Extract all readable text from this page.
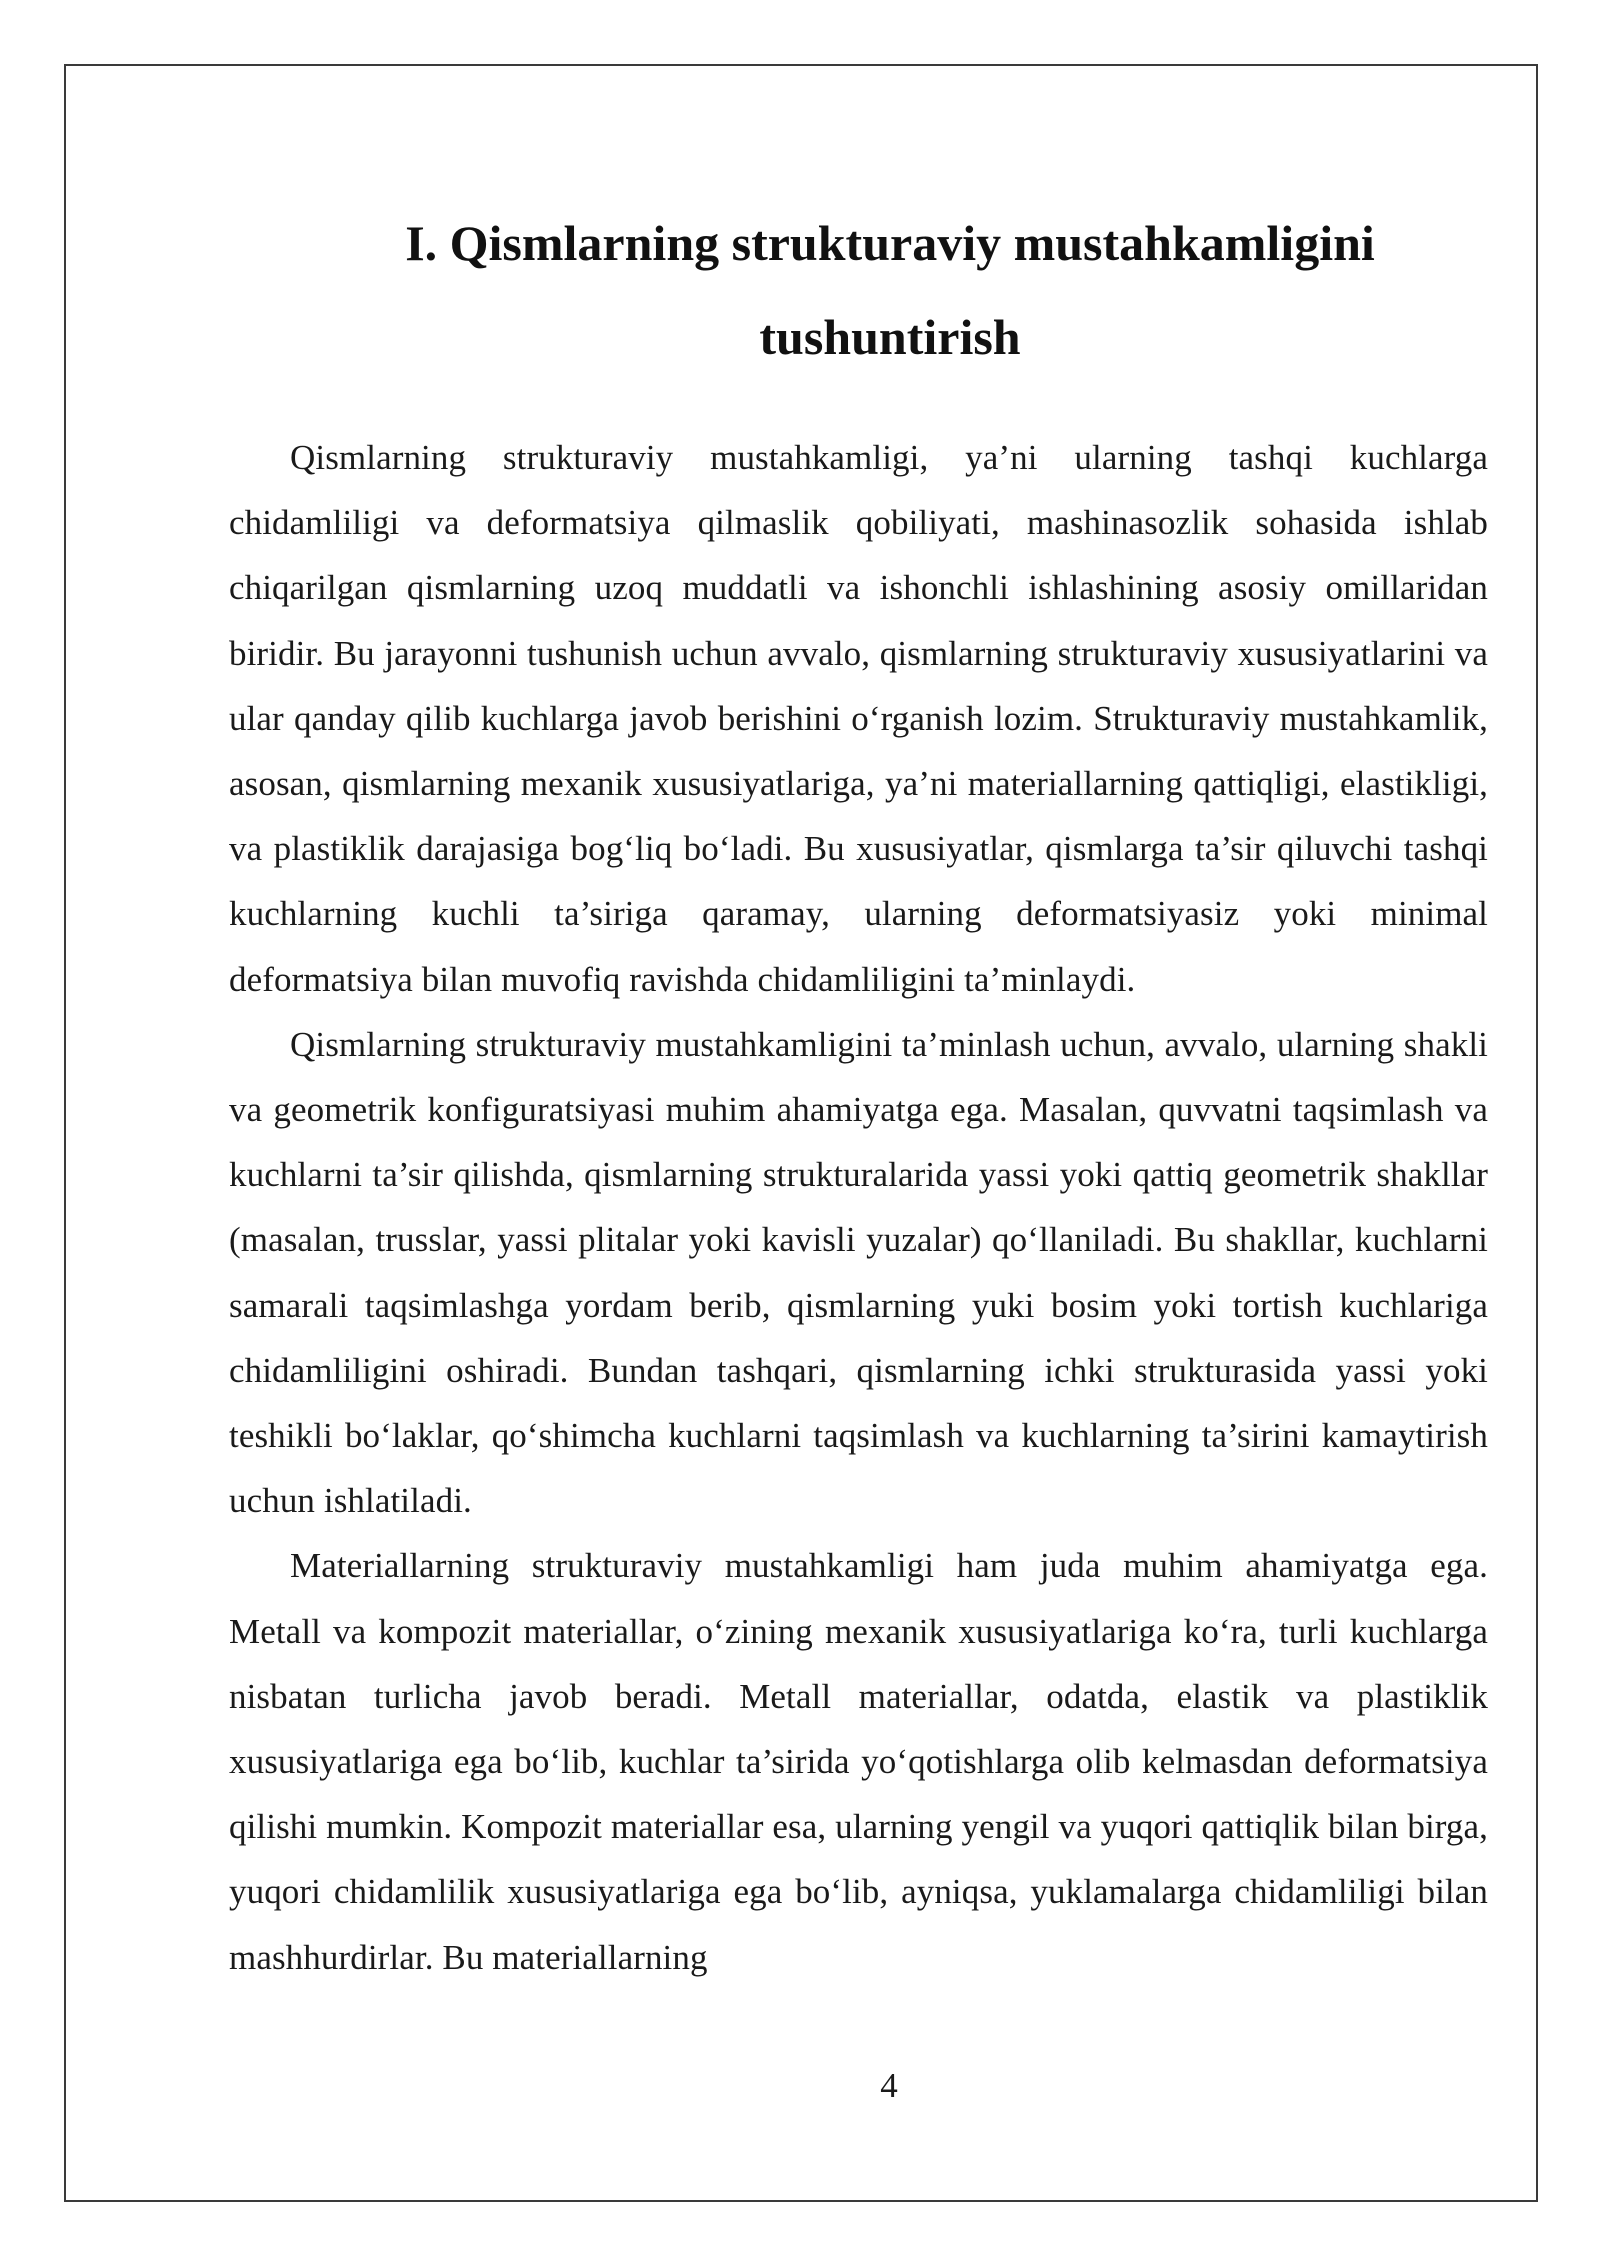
I. Qismlarning strukturaviy mustahkamligini
tushuntirish

Qismlarning strukturaviy mustahkamligi, ya’ni ularning tashqi kuchlarga chidamliligi va deformatsiya qilmaslik qobiliyati, mashinasozlik sohasida ishlab chiqarilgan qismlarning uzoq muddatli va ishonchli ishlashining asosiy omillaridan biridir. Bu jarayonni tushunish uchun avvalo, qismlarning strukturaviy xususiyatlarini va ular qanday qilib kuchlarga javob berishini o‘rganish lozim. Strukturaviy mustahkamlik, asosan, qismlarning mexanik xususiyatlariga, ya’ni materiallarning qattiqligi, elastikligi, va plastiklik darajasiga bog‘liq bo‘ladi. Bu xususiyatlar, qismlarga ta’sir qiluvchi tashqi kuchlarning kuchli ta’siriga qaramay, ularning deformatsiyasiz yoki minimal deformatsiya bilan muvofiq ravishda chidamliligini ta’minlaydi.

Qismlarning strukturaviy mustahkamligini ta’minlash uchun, avvalo, ularning shakli va geometrik konfiguratsiyasi muhim ahamiyatga ega. Masalan, quvvatni taqsimlash va kuchlarni ta’sir qilishda, qismlarning strukturalarida yassi yoki qattiq geometrik shakllar (masalan, trusslar, yassi plitalar yoki kavisli yuzalar) qo‘llaniladi. Bu shakllar, kuchlarni samarali taqsimlashga yordam berib, qismlarning yuki bosim yoki tortish kuchlariga chidamliligini oshiradi. Bundan tashqari, qismlarning ichki strukturasida yassi yoki teshikli bo‘laklar, qo‘shimcha kuchlarni taqsimlash va kuchlarning ta’sirini kamaytirish uchun ishlatiladi.

Materiallarning strukturaviy mustahkamligi ham juda muhim ahamiyatga ega. Metall va kompozit materiallar, o‘zining mexanik xususiyatlariga ko‘ra, turli kuchlarga nisbatan turlicha javob beradi. Metall materiallar, odatda, elastik va plastiklik xususiyatlariga ega bo‘lib, kuchlar ta’sirida yo‘qotishlarga olib kelmasdan deformatsiya qilishi mumkin. Kompozit materiallar esa, ularning yengil va yuqori qattiqlik bilan birga, yuqori chidamlilik xususiyatlariga ega bo‘lib, ayniqsa, yuklamalarga chidamliligi bilan mashhurdirlar. Bu materiallarning

4
